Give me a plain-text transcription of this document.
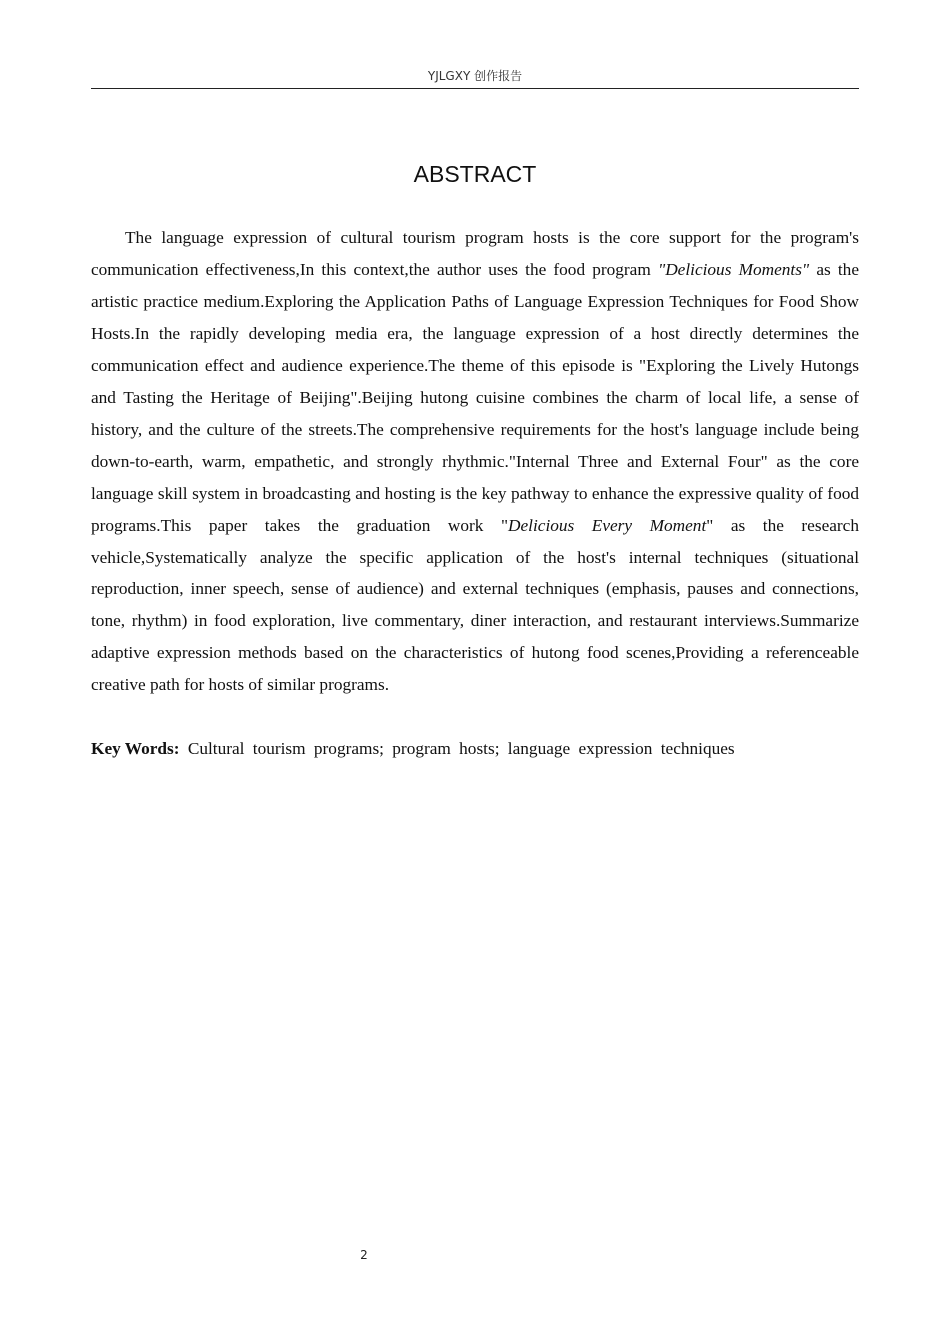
YJLGXY 创作报告
ABSTRACT

The language expression of cultural tourism program hosts is the core support for the program's communication effectiveness,In this context,the author uses the food program "Delicious Moments" as the artistic practice medium.Exploring the Application Paths of Language Expression Techniques for Food Show Hosts.In the rapidly developing media era, the language expression of a host directly determines the communication effect and audience experience.The theme of this episode is "Exploring the Lively Hutongs and Tasting the Heritage of Beijing".Beijing hutong cuisine combines the charm of local life, a sense of history, and the culture of the streets.The comprehensive requirements for the host's language include being down-to-earth, warm, empathetic, and strongly rhythmic."Internal Three and External Four" as the core language skill system in broadcasting and hosting is the key pathway to enhance the expressive quality of food programs.This paper takes the graduation work "Delicious Every Moment" as the research vehicle,Systematically analyze the specific application of the host's internal techniques (situational reproduction, inner speech, sense of audience) and external techniques (emphasis, pauses and connections, tone, rhythm) in food exploration, live commentary, diner interaction, and restaurant interviews.Summarize adaptive expression methods based on the characteristics of hutong food scenes,Providing a referenceable creative path for hosts of similar programs.

Key Words: Cultural tourism programs; program hosts; language expression techniques

2
